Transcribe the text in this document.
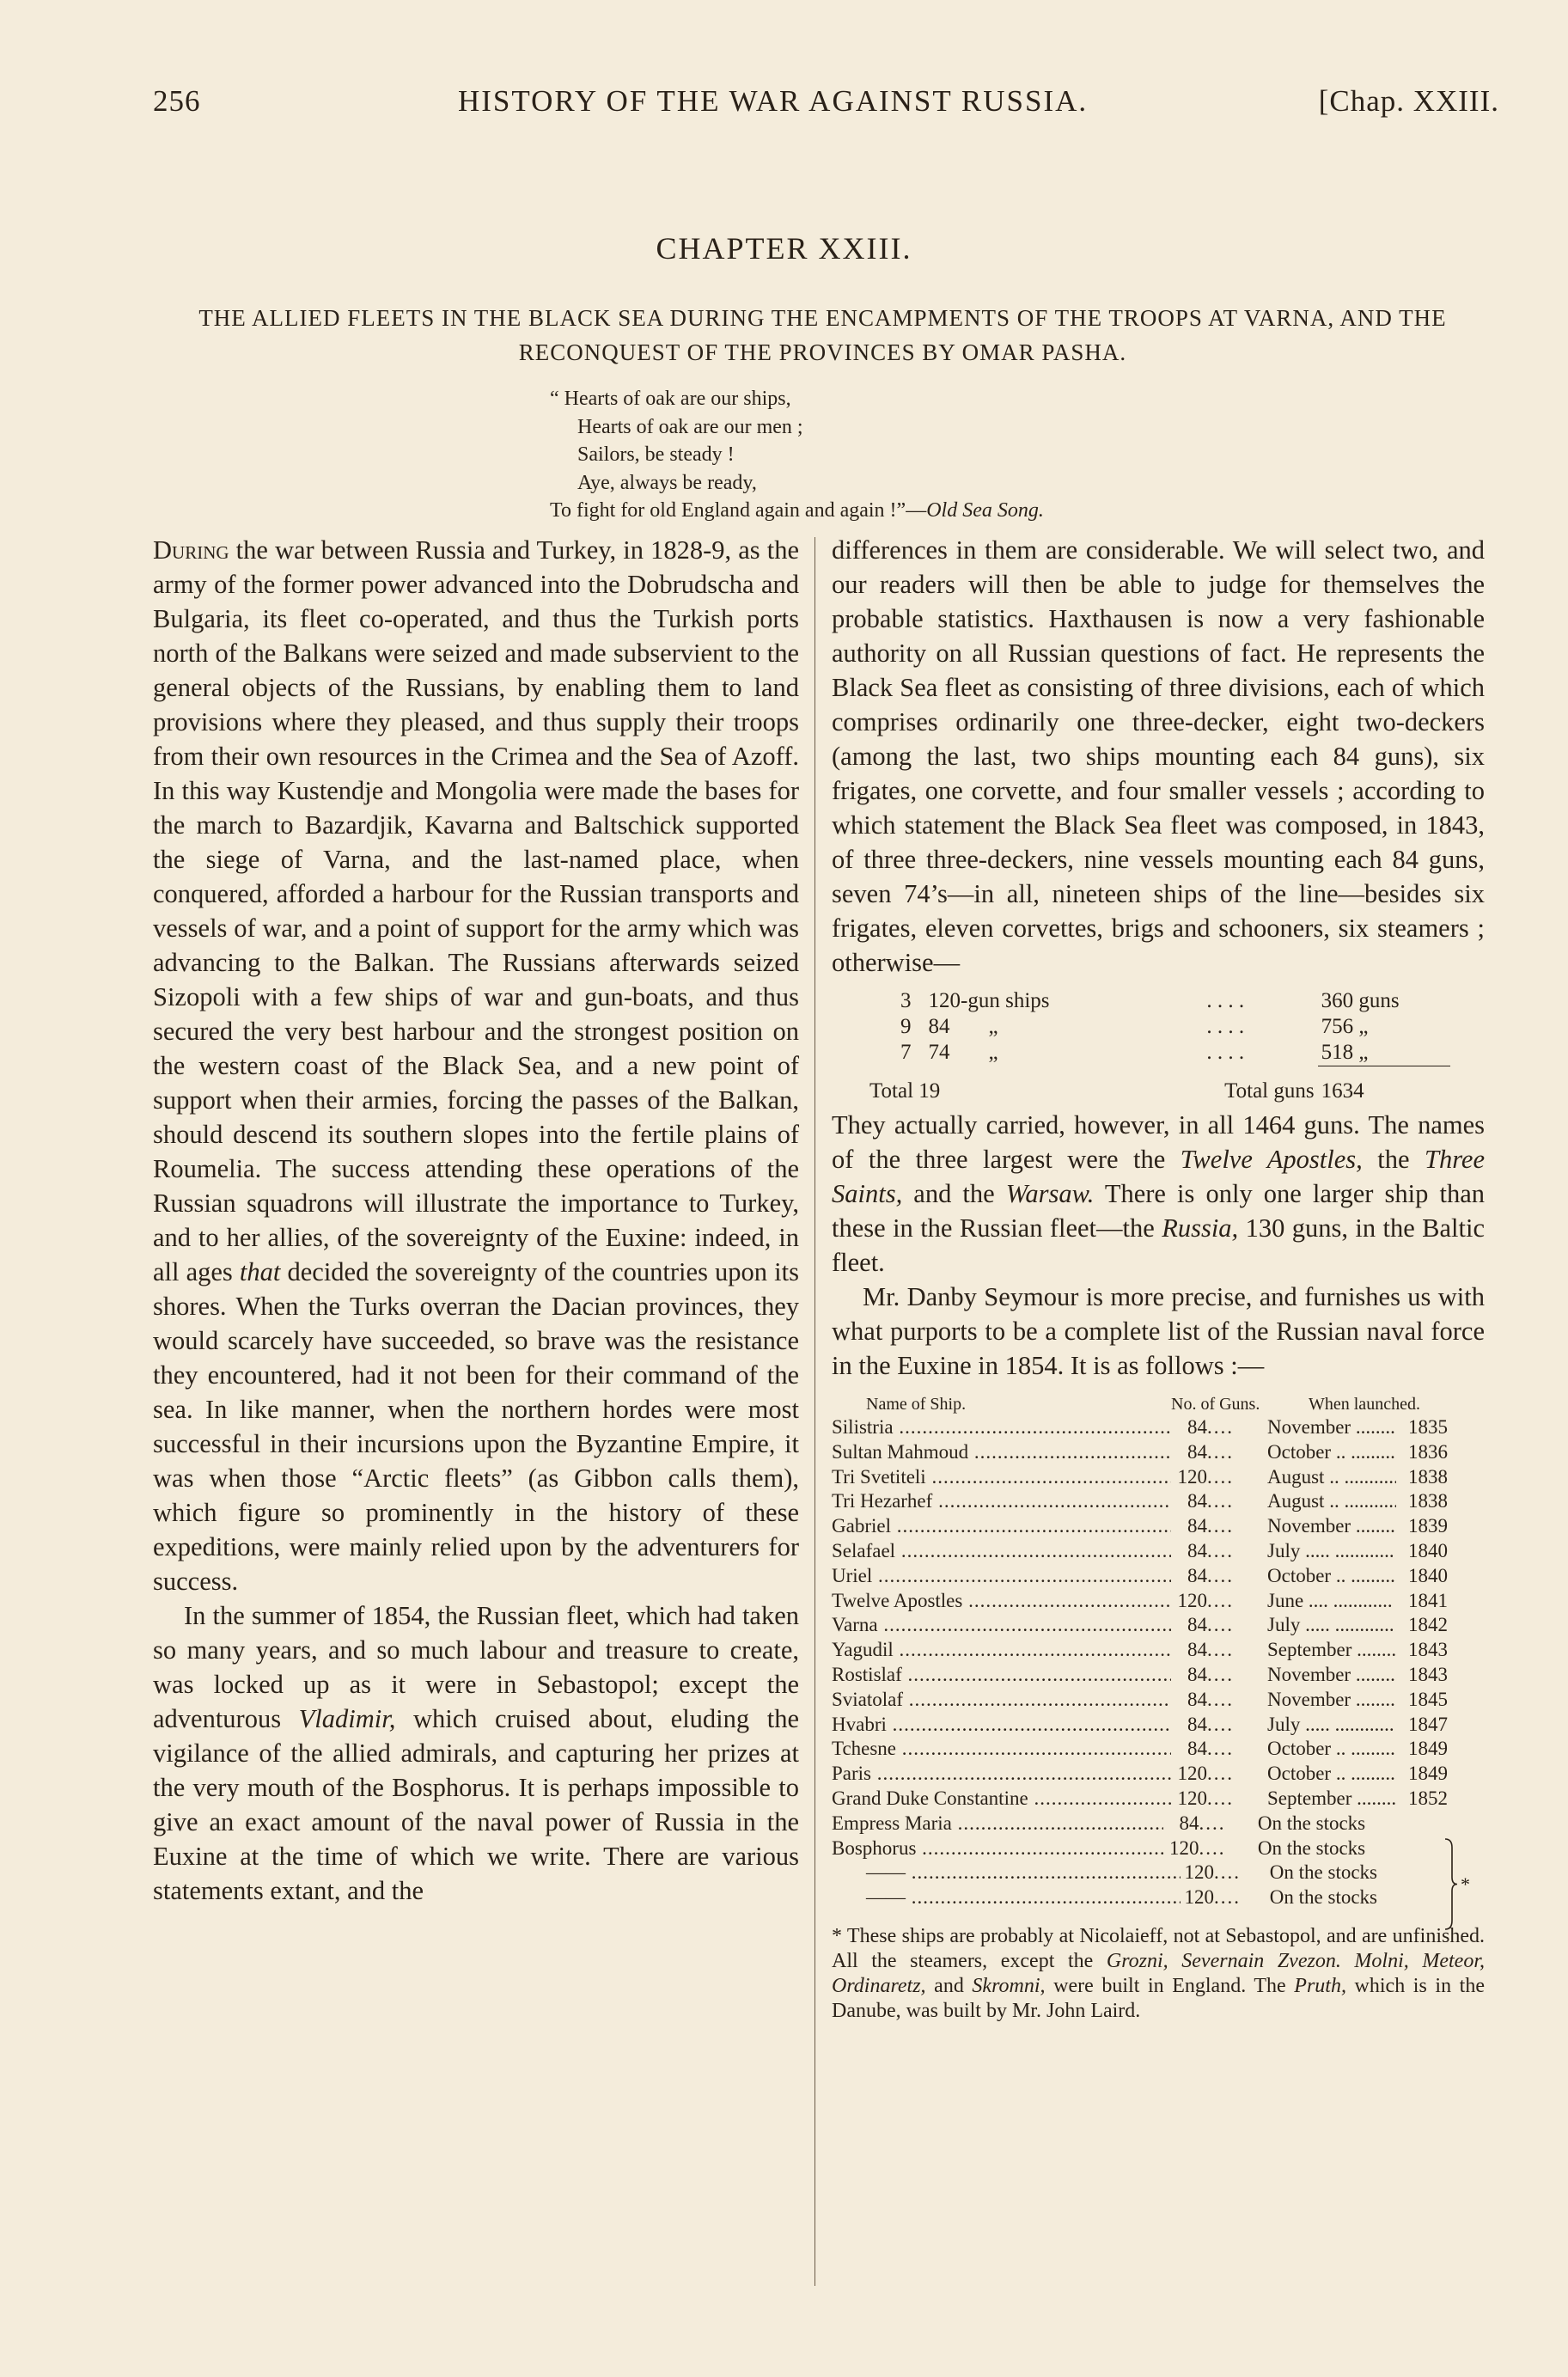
256	HISTORY OF THE WAR AGAINST RUSSIA.	[Chap. XXIII.
CHAPTER XXIII.
THE ALLIED FLEETS IN THE BLACK SEA DURING THE ENCAMPMENTS OF THE TROOPS AT VARNA, AND THE RECONQUEST OF THE PROVINCES BY OMAR PASHA.
“ Hearts of oak are our ships,
Hearts of oak are our men ;
Sailors, be steady !
Aye, always be ready,
To fight for old England again and again !”—Old Sea Song.

During the war between Russia and Turkey, in 1828-9, as the army of the former power advanced into the Dobrudscha and Bulgaria, its fleet co-operated, and thus the Turkish ports north of the Balkans were seized and made subservient to the general objects of the Russians, by enabling them to land provisions where they pleased, and thus supply their troops from their own resources in the Crimea and the Sea of Azoff. In this way Kustendje and Mongolia were made the bases for the march to Bazardjik, Kavarna and Baltschick supported the siege of Varna, and the last-named place, when conquered, afforded a harbour for the Russian transports and vessels of war, and a point of support for the army which was advancing to the Balkan. The Russians afterwards seized Sizopoli with a few ships of war and gun-boats, and thus secured the very best harbour and the strongest position on the western coast of the Black Sea, and a new point of support when their armies, forcing the passes of the Balkan, should descend its southern slopes into the fertile plains of Roumelia. The success attending these operations of the Russian squadrons will illustrate the importance to Turkey, and to her allies, of the sovereignty of the Euxine: indeed, in all ages that decided the sovereignty of the countries upon its shores. When the Turks overran the Dacian provinces, they would scarcely have succeeded, so brave was the resistance they encountered, had it not been for their command of the sea. In like manner, when the northern hordes were most successful in their incursions upon the Byzantine Empire, it was when those “Arctic fleets” (as Gibbon calls them), which figure so prominently in the history of these expeditions, were mainly relied upon by the adventurers for success.

In the summer of 1854, the Russian fleet, which had taken so many years, and so much labour and treasure to create, was locked up as it were in Sebastopol; except the adventurous Vladimir, which cruised about, eluding the vigilance of the allied admirals, and capturing her prizes at the very mouth of the Bosphorus. It is perhaps impossible to give an exact amount of the naval power of Russia in the Euxine at the time of which we write. There are various statements extant, and the

differences in them are considerable. We will select two, and our readers will then be able to judge for themselves the probable statistics. Haxthausen is now a very fashionable authority on all Russian questions of fact. He represents the Black Sea fleet as consisting of three divisions, each of which comprises ordinarily one three-decker, eight two-deckers (among the last, two ships mounting each 84 guns), six frigates, one corvette, and four smaller vessels ; according to which statement the Black Sea fleet was composed, in 1843, of three three-deckers, nine vessels mounting each 84 guns, seven 74’s—in all, nineteen ships of the line—besides six frigates, eleven corvettes, brigs and schooners, six steamers ; otherwise—

3	120-gun ships		. . . .	360 guns
9	84	„	. . . .	756 „
7	74	„	. . . .	518 „
Total 19			Total guns	1634

They actually carried, however, in all 1464 guns. The names of the three largest were the Twelve Apostles, the Three Saints, and the Warsaw. There is only one larger ship than these in the Russian fleet—the Russia, 130 guns, in the Baltic fleet.

Mr. Danby Seymour is more precise, and furnishes us with what purports to be a complete list of the Russian naval force in the Euxine in 1854. It is as follows :—

Name of Ship.	No. of Guns.	When launched.
Silistria .....	84 ....	November .....	1835
Sultan Mahmoud .....	84 ....	October .. .....	1836
Tri Svetiteli .....	120 ....	August .. .....	1838
Tri Hezarhef .....	84 ....	August .. .....	1838
Gabriel .....	84 ....	November .....	1839
Selafael .....	84 ....	July ..... .....	1840
Uriel .....	84 ....	October .. .....	1840
Twelve Apostles .....	120 ....	June .... .....	1841
Varna .....	84 ....	July ..... .....	1842
Yagudil .....	84 ....	September .....	1843
Rostislaf .....	84 ....	November .....	1843
Sviatolaf .....	84 ....	November .....	1845
Hvabri .....	84 ....	July ..... .....	1847
Tchesne .....	84 ....	October .. .....	1849
Paris .....	120 ....	October .. .....	1849
Grand Duke Constantine .....	120 ....	September .....	1852
Empress Maria .....	84 ....	On the stocks
Bosphorus .....	120 ....	On the stocks
—— .....	120 ....	On the stocks
—— .....	120 ....	On the stocks
*
* These ships are probably at Nicolaieff, not at Sebastopol, and are unfinished. All the steamers, except the Grozni, Severnain Zvezon. Molni, Meteor, Ordinaretz, and Skromni, were built in England. The Pruth, which is in the Danube, was built by Mr. John Laird.
